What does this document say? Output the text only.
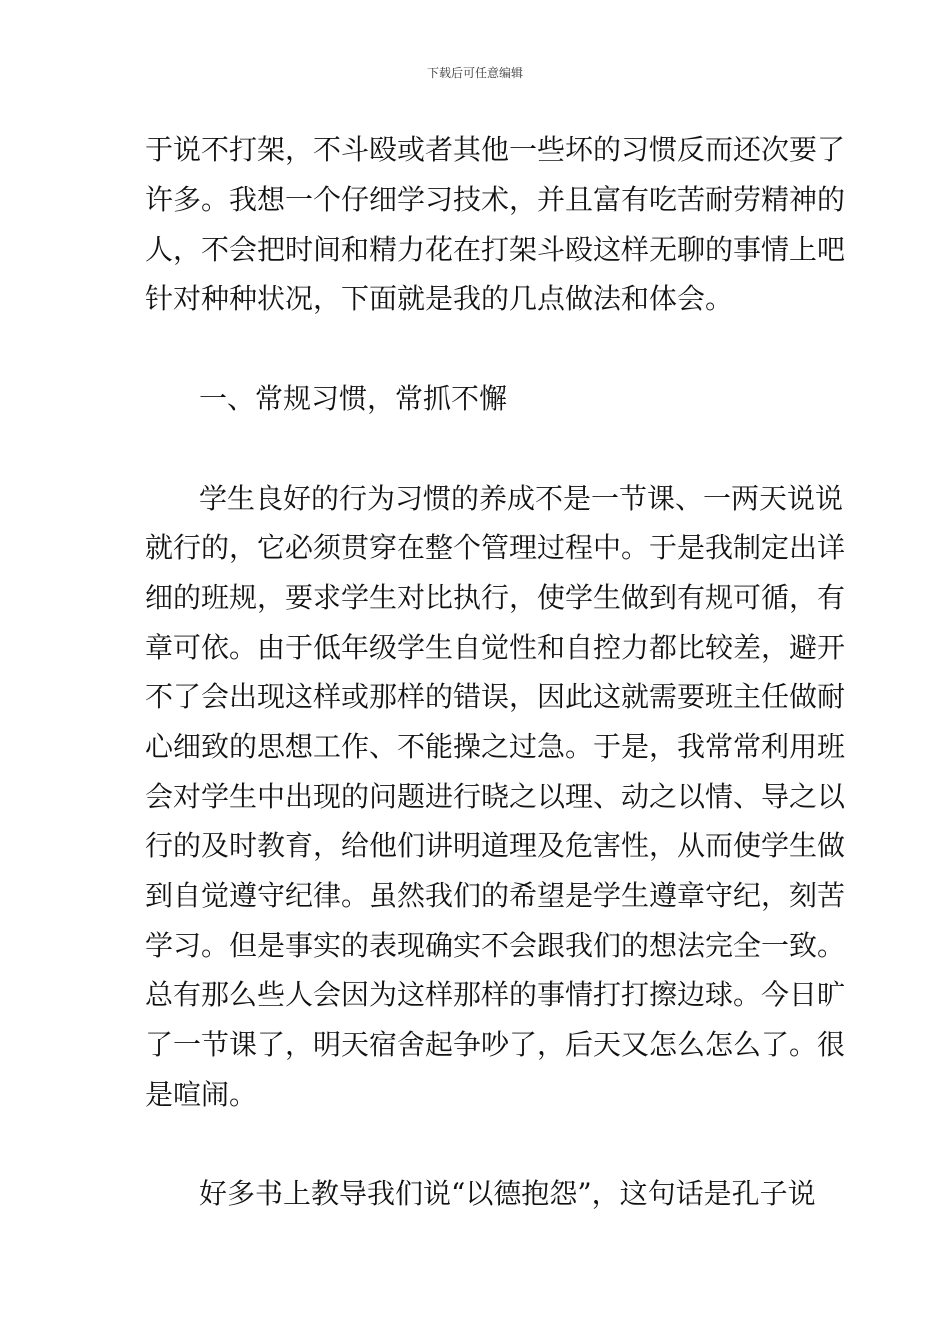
下载后可任意编辑
于说不打架，不斗殴或者其他一些坏的习惯反而还次要了
许多。我想一个仔细学习技术，并且富有吃苦耐劳精神的
人，不会把时间和精力花在打架斗殴这样无聊的事情上吧
针对种种状况，下面就是我的几点做法和体会。
一、常规习惯，常抓不懈
学生良好的行为习惯的养成不是一节课、一两天说说
就行的，它必须贯穿在整个管理过程中。于是我制定出详
细的班规，要求学生对比执行，使学生做到有规可循，有
章可依。由于低年级学生自觉性和自控力都比较差，避开
不了会出现这样或那样的错误，因此这就需要班主任做耐
心细致的思想工作、不能操之过急。于是，我常常利用班
会对学生中出现的问题进行晓之以理、动之以情、导之以
行的及时教育，给他们讲明道理及危害性，从而使学生做
到自觉遵守纪律。虽然我们的希望是学生遵章守纪，刻苦
学习。但是事实的表现确实不会跟我们的想法完全一致。
总有那么些人会因为这样那样的事情打打擦边球。今日旷
了一节课了，明天宿舍起争吵了，后天又怎么怎么了。很
是喧闹。
好多书上教导我们说“以德抱怨”，这句话是孔子说
